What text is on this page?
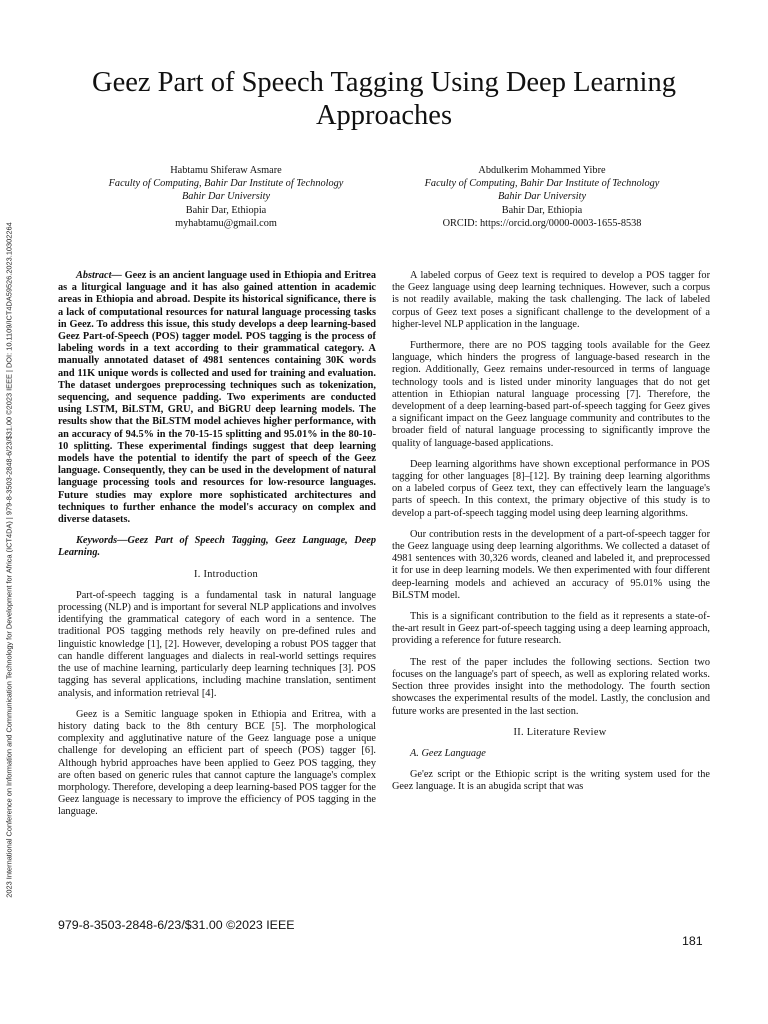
2023 International Conference on Information and Communication Technology for Development for Africa (ICT4DA) | 979-8-3503-2848-6/23/$31.00 ©2023 IEEE | DOI: 10.1109/ICT4DA59526.2023.10302264
Geez Part of Speech Tagging Using Deep Learning Approaches
Habtamu Shiferaw Asmare
Faculty of Computing, Bahir Dar Institute of Technology
Bahir Dar University
Bahir Dar, Ethiopia
myhabtamu@gmail.com
Abdulkerim Mohammed Yibre
Faculty of Computing, Bahir Dar Institute of Technology
Bahir Dar University
Bahir Dar, Ethiopia
ORCID: https://orcid.org/0000-0003-1655-8538

Abstract— Geez is an ancient language used in Ethiopia and Eritrea as a liturgical language and it has also gained attention in academic areas in Ethiopia and abroad. Despite its historical significance, there is a lack of computational resources for natural language processing tasks in Geez. To address this issue, this study develops a deep learning-based Geez Part-of-Speech (POS) tagger model. POS tagging is the process of labeling words in a text according to their grammatical category. A manually annotated dataset of 4981 sentences containing 30K words and 11K unique words is collected and used for training and evaluation. The dataset undergoes preprocessing techniques such as tokenization, sequencing, and sequence padding. Two experiments are conducted using LSTM, BiLSTM, GRU, and BiGRU deep learning models. The results show that the BiLSTM model achieves higher performance, with an accuracy of 94.5% in the 70-15-15 splitting and 95.01% in the 80-10-10 splitting. These experimental findings suggest that deep learning models have the potential to identify the part of speech of the Geez language. Consequently, they can be used in the development of natural language processing tools and resources for low-resource languages. Future studies may explore more sophisticated architectures and techniques to further enhance the model's accuracy on complex and diverse datasets.

Keywords—Geez Part of Speech Tagging, Geez Language, Deep Learning.

I. Introduction

Part-of-speech tagging is a fundamental task in natural language processing (NLP) and is important for several NLP applications and involves identifying the grammatical category of each word in a sentence. The traditional POS tagging methods rely heavily on pre-defined rules and linguistic knowledge [1], [2]. However, developing a robust POS tagger that can handle different languages and dialects in real-world settings requires the use of machine learning, particularly deep learning techniques [3]. POS tagging has several applications, including machine translation, sentiment analysis, and information retrieval [4].

Geez is a Semitic language spoken in Ethiopia and Eritrea, with a history dating back to the 8th century BCE [5]. The morphological complexity and agglutinative nature of the Geez language pose a unique challenge for developing an efficient part of speech (POS) tagger [6]. Although hybrid approaches have been applied to Geez POS tagging, they are often based on generic rules that cannot capture the language's complex morphology. Therefore, developing a deep learning-based POS tagger for the Geez language is necessary to improve the efficiency of POS tagging in the language.

A labeled corpus of Geez text is required to develop a POS tagger for the Geez language using deep learning techniques. However, such a corpus is not readily available, making the task challenging. The lack of labeled corpus of Geez text poses a significant challenge to the development of a higher-level NLP application in the language.

Furthermore, there are no POS tagging tools available for the Geez language, which hinders the progress of language-based research in the region. Additionally, Geez remains under-resourced in terms of language technology tools and is listed under minority languages that do not get attention in Ethiopian natural language processing [7]. Therefore, the development of a deep learning-based part-of-speech tagging for Geez gives a significant impact on the Geez language community and contributes to the broader field of natural language processing to significantly improve the quality of language-based applications.

Deep learning algorithms have shown exceptional performance in POS tagging for other languages [8]–[12]. By training deep learning algorithms on a labeled corpus of Geez text, they can effectively learn the language's parts of speech. In this context, the primary objective of this study is to develop a part-of-speech tagging model using deep learning algorithms.

Our contribution rests in the development of a part-of-speech tagger for the Geez language using deep learning algorithms. We collected a dataset of 4981 sentences with 30,326 words, cleaned and labeled it, and preprocessed it for use in deep learning models. We then experimented with four different deep-learning models and achieved an accuracy of 95.01% using the BiLSTM model.

This is a significant contribution to the field as it represents a state-of-the-art result in Geez part-of-speech tagging using a deep learning approach, providing a reference for future research.

The rest of the paper includes the following sections. Section two focuses on the language's part of speech, as well as exploring related works. Section three provides insight into the methodology. The fourth section showcases the experimental results of the model. Lastly, the conclusion and future works are presented in the last section.

II. Literature Review

A. Geez Language

Ge'ez script or the Ethiopic script is the writing system used for the Geez language. It is an abugida script that was

979-8-3503-2848-6/23/$31.00 ©2023 IEEE
181
